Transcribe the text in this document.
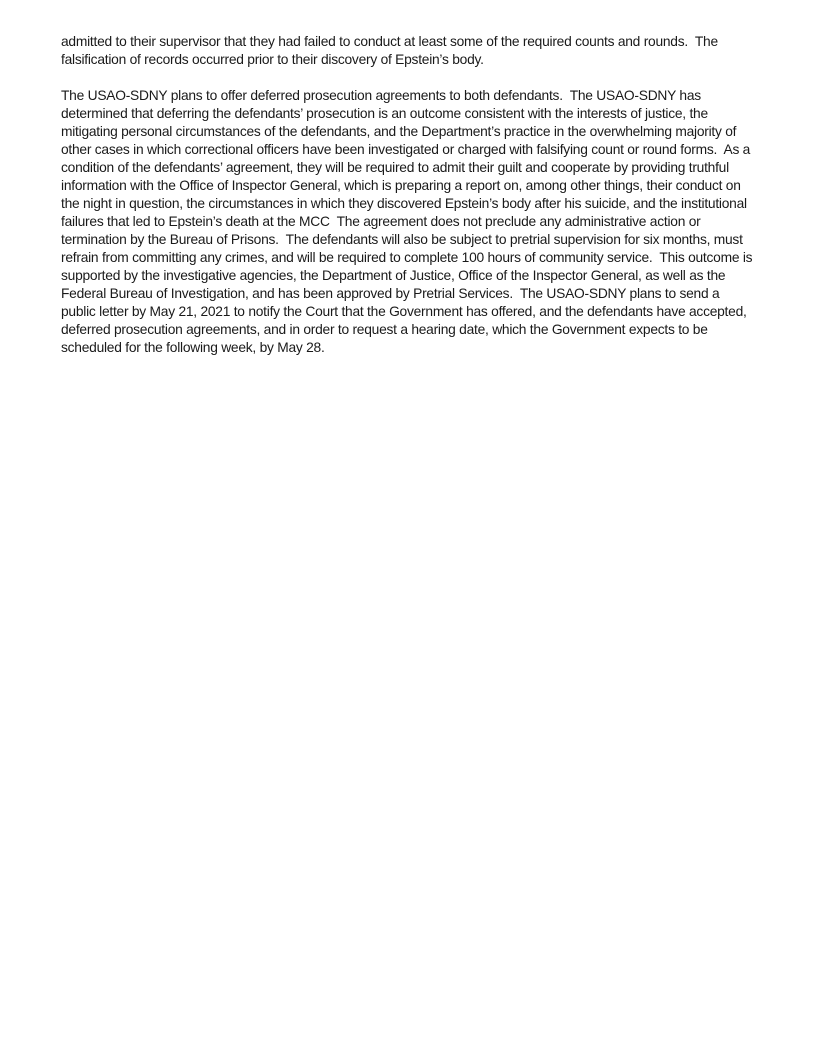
admitted to their supervisor that they had failed to conduct at least some of the required counts and rounds.  The falsification of records occurred prior to their discovery of Epstein’s body.

The USAO-SDNY plans to offer deferred prosecution agreements to both defendants.  The USAO-SDNY has determined that deferring the defendants’ prosecution is an outcome consistent with the interests of justice, the mitigating personal circumstances of the defendants, and the Department’s practice in the overwhelming majority of other cases in which correctional officers have been investigated or charged with falsifying count or round forms.  As a condition of the defendants’ agreement, they will be required to admit their guilt and cooperate by providing truthful information with the Office of Inspector General, which is preparing a report on, among other things, their conduct on the night in question, the circumstances in which they discovered Epstein’s body after his suicide, and the institutional failures that led to Epstein’s death at the MCC  The agreement does not preclude any administrative action or termination by the Bureau of Prisons.  The defendants will also be subject to pretrial supervision for six months, must refrain from committing any crimes, and will be required to complete 100 hours of community service.  This outcome is supported by the investigative agencies, the Department of Justice, Office of the Inspector General, as well as the Federal Bureau of Investigation, and has been approved by Pretrial Services.  The USAO-SDNY plans to send a public letter by May 21, 2021 to notify the Court that the Government has offered, and the defendants have accepted, deferred prosecution agreements, and in order to request a hearing date, which the Government expects to be scheduled for the following week, by May 28.
